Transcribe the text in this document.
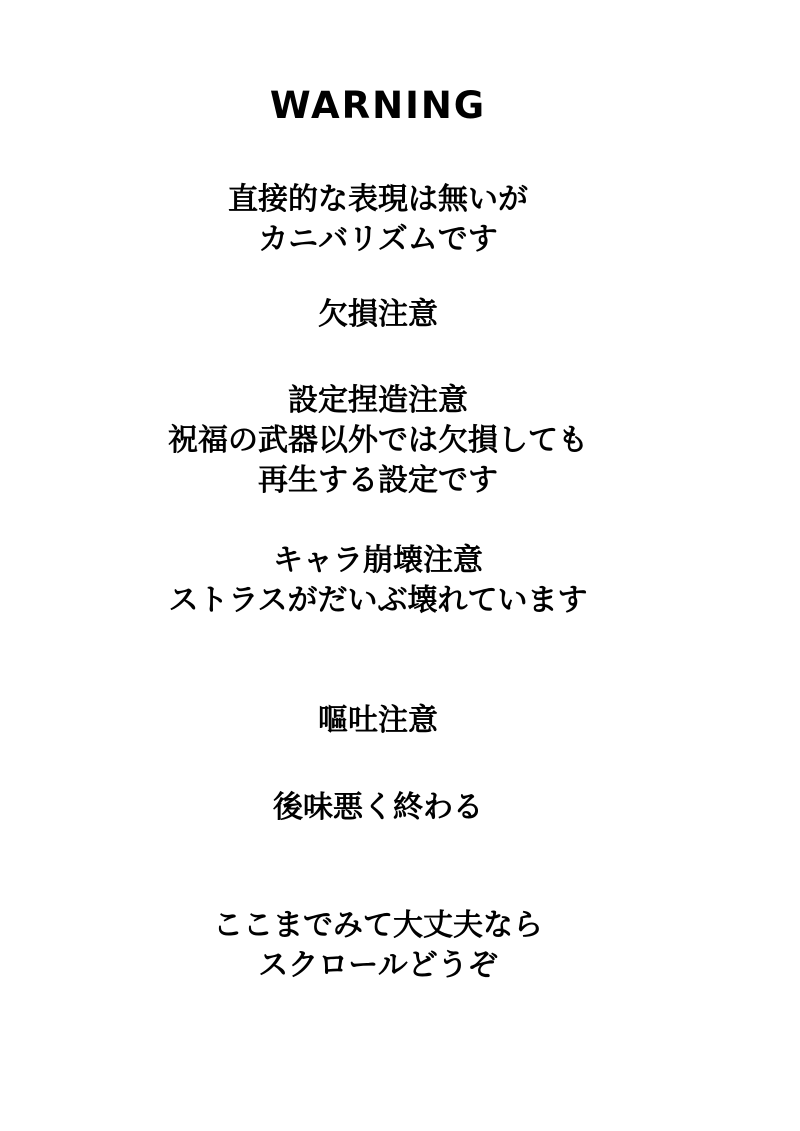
WARNING
直接的な表現は無いが
カニバリズムです
欠損注意
設定捏造注意
祝福の武器以外では欠損しても
再生する設定です
キャラ崩壊注意
ストラスがだいぶ壊れています
嘔吐注意
後味悪く終わる
ここまでみて大丈夫なら
スクロールどうぞ
